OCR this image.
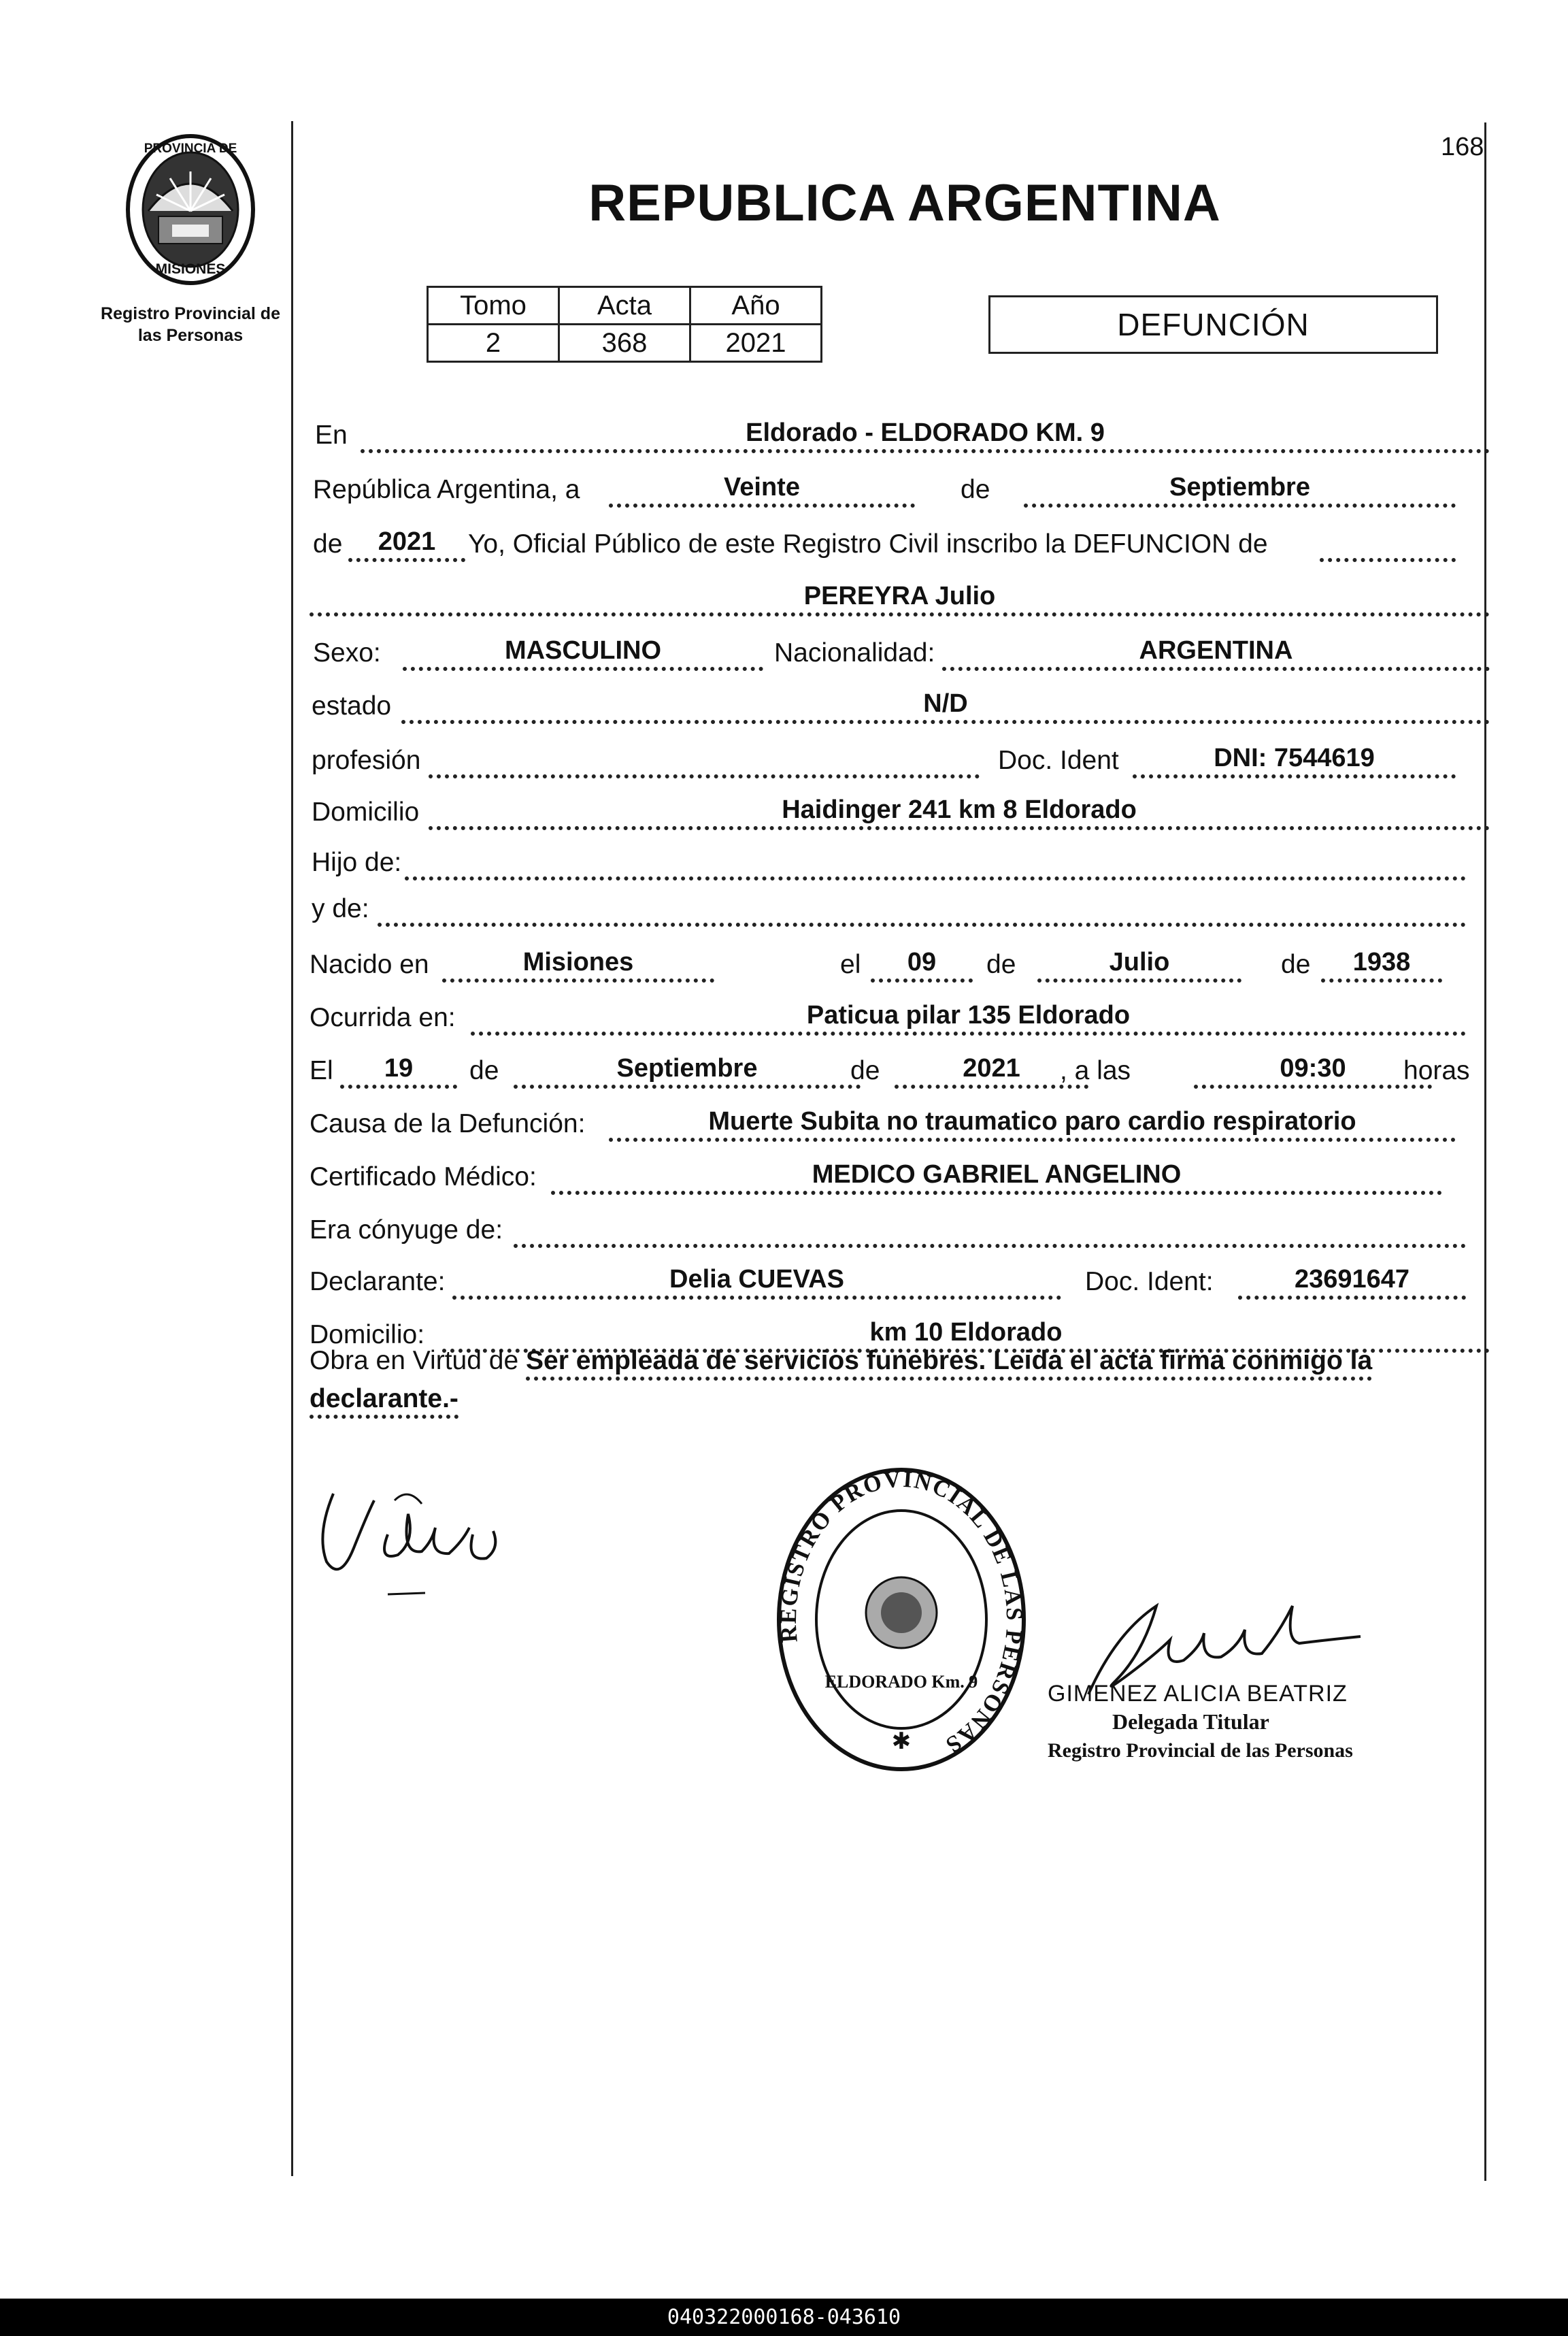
PROVINCIA DE
MISIONES
Registro Provincial de
las Personas
168
REPUBLICA ARGENTINA
Tomo	Acta	Año
2	368	2021
DEFUNCIÓN
En	Eldorado - ELDORADO KM. 9
República Argentina, a	Veinte	de	Septiembre
de	2021	Yo, Oficial Público de este Registro Civil inscribo la DEFUNCION de
PEREYRA Julio
Sexo:	MASCULINO	Nacionalidad:	ARGENTINA
estado	N/D
profesión	Doc. Ident	DNI: 7544619
Domicilio	Haidinger 241 km 8 Eldorado
Hijo de:
y de:
Nacido en	Misiones	el	09	de	Julio	de	1938
Ocurrida en:	Paticua pilar 135 Eldorado
El	19	de	Septiembre	de	2021	, a las	09:30	horas
Causa de la Defunción:	Muerte Subita no traumatico paro cardio respiratorio
Certificado Médico:	MEDICO GABRIEL ANGELINO
Era cónyuge de:
Declarante:	Delia CUEVAS	Doc. Ident:	23691647
Domicilio:	km 10 Eldorado
Obra en Virtud de Ser empleada de servicios funebres. Leida el acta firma conmigo la
declarante.-
REGISTRO PROVINCIAL DE LAS PERSONAS
ELDORADO Km. 9
✱
GIMENEZ ALICIA BEATRIZ
Delegada Titular
Registro Provincial de las Personas
040322000168-043610
